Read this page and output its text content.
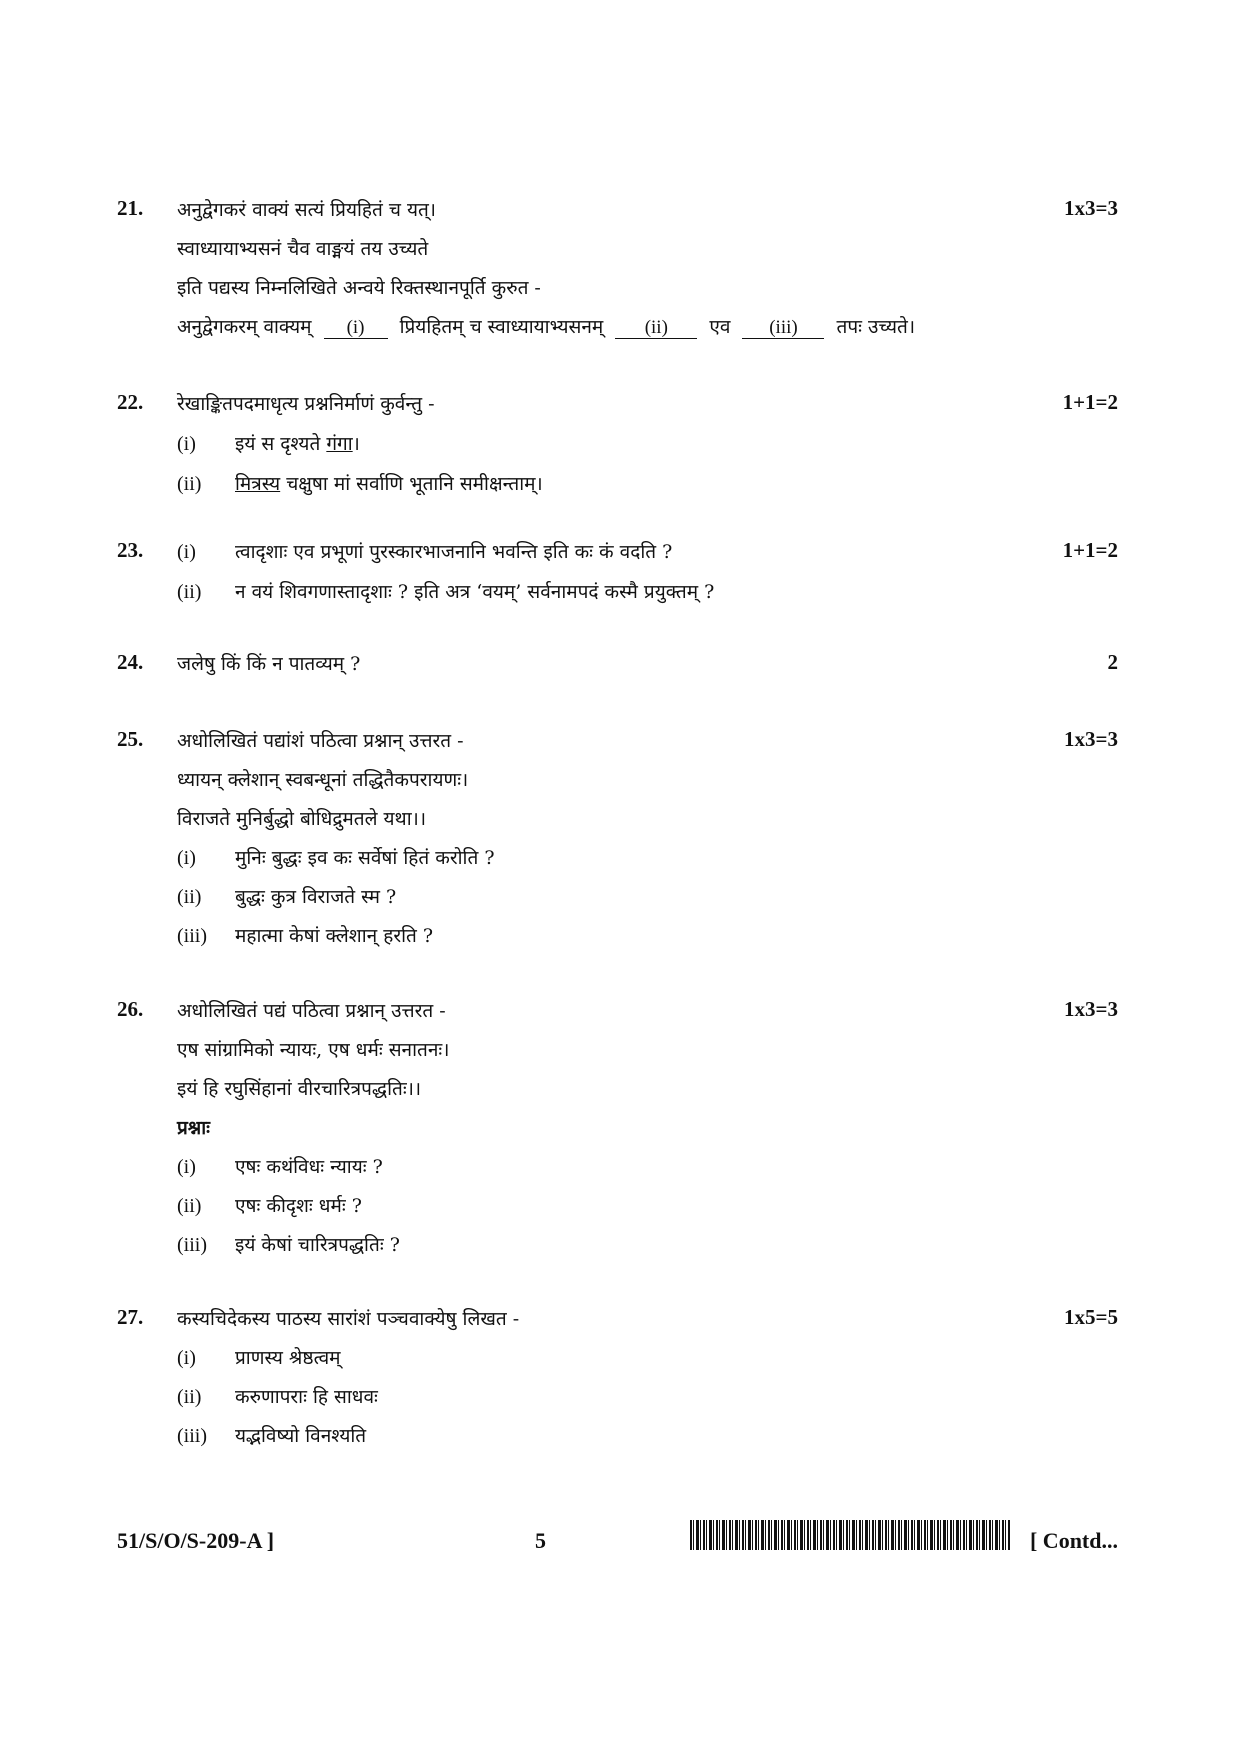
21.	1x3=3
अनुद्वेगकरं वाक्यं सत्यं प्रियहितं च यत्।
स्वाध्यायाभ्यसनं चैव वाङ्मयं तय उच्यते
इति पद्यस्य निम्नलिखिते अन्वये रिक्तस्थानपूर्ति कुरुत -
अनुद्वेगकरम् वाक्यम् (i) प्रियहितम् च स्वाध्यायाभ्यसनम् (ii) एव (iii) तपः उच्यते।
22.	1+1=2
रेखाङ्कितपदमाधृत्य प्रश्ननिर्माणं कुर्वन्तु -
(i) इयं स दृश्यते गंगा।
(ii) मित्रस्य चक्षुषा मां सर्वाणि भूतानि समीक्षन्ताम्।
23.	1+1=2
(i) त्वादृशाः एव प्रभूणां पुरस्कारभाजनानि भवन्ति इति कः कं वदति ?
(ii) न वयं शिवगणास्तादृशाः ? इति अत्र ‘वयम्’ सर्वनामपदं कस्मै प्रयुक्तम् ?
24.	2
जलेषु किं किं न पातव्यम् ?
25.	1x3=3
अधोलिखितं पद्यांशं पठित्वा प्रश्नान् उत्तरत -
ध्यायन् क्लेशान् स्वबन्धूनां तद्धितैकपरायणः।
विराजते मुनिर्बुद्धो बोधिद्रुमतले यथा।।
(i) मुनिः बुद्धः इव कः सर्वेषां हितं करोति ?
(ii) बुद्धः कुत्र विराजते स्म ?
(iii) महात्मा केषां क्लेशान् हरति ?
26.	1x3=3
अधोलिखितं पद्यं पठित्वा प्रश्नान् उत्तरत -
एष सांग्रामिको न्यायः, एष धर्मः सनातनः।
इयं हि रघुसिंहानां वीरचारित्रपद्धतिः।।
प्रश्नाः
(i) एषः कथंविधः न्यायः ?
(ii) एषः कीदृशः धर्मः ?
(iii) इयं केषां चारित्रपद्धतिः ?
27.	1x5=5
कस्यचिदेकस्य पाठस्य सारांशं पञ्चवाक्येषु लिखत -
(i) प्राणस्य श्रेष्ठत्वम्
(ii) करुणापराः हि साधवः
(iii) यद्भविष्यो विनश्यति
51/S/O/S-209-A ]	5	[ Contd...
